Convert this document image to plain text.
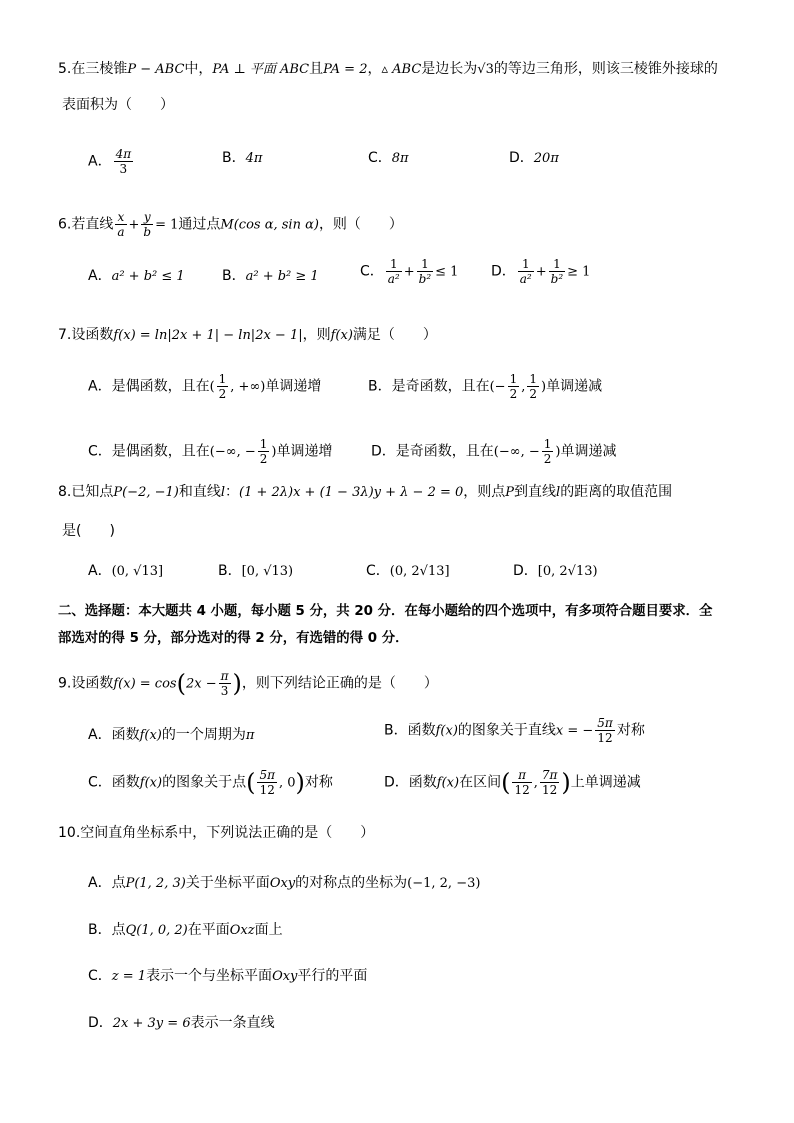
5.在三棱锥P − ABC中，PA ⊥ 平面 ABC且PA = 2，▵ ABC是边长为√3的等边三角形，则该三棱锥外接球的
表面积为（　　）
A． $\frac{4\pi}{3}$	B．4π	C．8π	D．20π
6.若直线 $\frac{x}{a} + \frac{y}{b} = 1$通过点M(cos α, sin α)，则（　　）
A．a² + b² ≤ 1	B．a² + b² ≥ 1	C． $\frac{1}{\text{a²}} + \frac{1}{\text{b²}} \le 1$ D． $\frac{1}{\text{a²}} + \frac{1}{\text{b²}} \ge 1$
7.设函数f(x) = ln|2x + 1| − ln|2x − 1|，则f(x)满足（　　）
A．是偶函数，且在( $\frac{1}{2}$ , +∞)单调递增	B．是奇函数，且在(− $\frac{1}{2}$ , $\frac{1}{2}$ )单调递减
C．是偶函数，且在(−∞, − $\frac{1}{2}$ )单调递增	D．是奇函数，且在(−∞, − $\frac{1}{2}$ )单调递减
8.已知点P(−2, −1)和直线l：(1 + 2λ)x + (1 − 3λ)y + λ − 2 = 0，则点P到直线l的距离的取值范围
是(　　)
A．(0, √13]	B．[0, √13)	C．(0, 2√13]	D．[0, 2√13)
二、选择题：本大题共 4 小题，每小题 5 分，共 20 分．在每小题给的四个选项中，有多项符合题目要求．全
部选对的得 5 分，部分选对的得 2 分，有选错的得 0 分．
9.设函数$f(x) = \cos(2x - \frac{\pi}{3}$ )，则下列结论正确的是（　　）
A．函数f(x)的一个周期为π	B．函数f(x)的图象关于直线x = − $\frac{5\pi}{12}$ 对称
C．函数f(x)的图象关于点( $\frac{5\pi}{12}$ , 0)对称	D．函数f(x)在区间( $\frac{\pi}{12}$ , $\frac{7\pi}{12}$ )上单调递减
10.空间直角坐标系中，下列说法正确的是（　　）
A．点P(1, 2, 3)关于坐标平面Oxy的对称点的坐标为(−1, 2, −3)
B．点Q(1, 0, 2)在平面Oxz面上
C．z = 1表示一个与坐标平面Oxy平行的平面
D．2x + 3y = 6表示一条直线
